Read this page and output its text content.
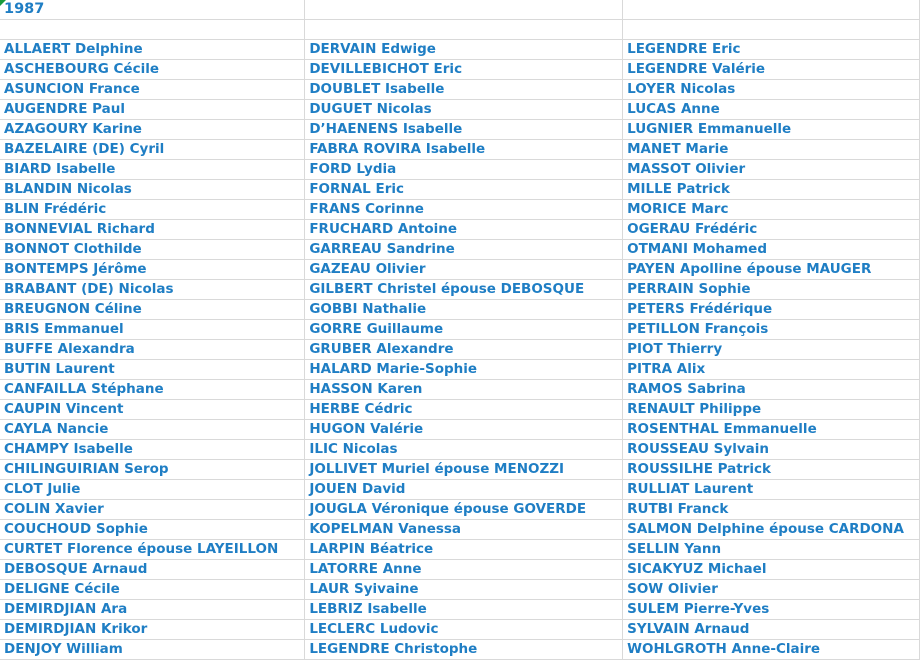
1987		

ALLAERT Delphine	DERVAIN Edwige	LEGENDRE Eric
ASCHEBOURG Cécile	DEVILLEBICHOT Eric	LEGENDRE Valérie
ASUNCION France	DOUBLET Isabelle	LOYER Nicolas
AUGENDRE Paul	DUGUET Nicolas	LUCAS Anne
AZAGOURY Karine	D’HAENENS Isabelle	LUGNIER Emmanuelle
BAZELAIRE (DE) Cyril	FABRA ROVIRA Isabelle	MANET Marie
BIARD Isabelle	FORD Lydia	MASSOT Olivier
BLANDIN Nicolas	FORNAL Eric	MILLE Patrick
BLIN Frédéric	FRANS Corinne	MORICE Marc
BONNEVIAL Richard	FRUCHARD Antoine	OGERAU Frédéric
BONNOT Clothilde	GARREAU Sandrine	OTMANI Mohamed
BONTEMPS Jérôme	GAZEAU Olivier	PAYEN Apolline épouse MAUGER
BRABANT (DE) Nicolas	GILBERT Christel épouse DEBOSQUE	PERRAIN Sophie
BREUGNON Céline	GOBBI Nathalie	PETERS Frédérique
BRIS Emmanuel	GORRE Guillaume	PETILLON François
BUFFE Alexandra	GRUBER Alexandre	PIOT Thierry
BUTIN Laurent	HALARD Marie-Sophie	PITRA Alix
CANFAILLA Stéphane	HASSON Karen	RAMOS Sabrina
CAUPIN Vincent	HERBE Cédric	RENAULT Philippe
CAYLA Nancie	HUGON Valérie	ROSENTHAL Emmanuelle
CHAMPY Isabelle	ILIC Nicolas	ROUSSEAU Sylvain
CHILINGUIRIAN Serop	JOLLIVET Muriel épouse MENOZZI	ROUSSILHE Patrick
CLOT Julie	JOUEN David	RULLIAT Laurent
COLIN Xavier	JOUGLA Véronique épouse GOVERDE	RUTBI Franck
COUCHOUD Sophie	KOPELMAN Vanessa	SALMON Delphine épouse CARDONA
CURTET Florence épouse LAYEILLON	LARPIN Béatrice	SELLIN Yann
DEBOSQUE Arnaud	LATORRE Anne	SICAKYUZ Michael
DELIGNE Cécile	LAUR Syivaine	SOW Olivier
DEMIRDJIAN Ara	LEBRIZ Isabelle	SULEM Pierre-Yves
DEMIRDJIAN Krikor	LECLERC Ludovic	SYLVAIN Arnaud
DENJOY William	LEGENDRE Christophe	WOHLGROTH Anne-Claire
